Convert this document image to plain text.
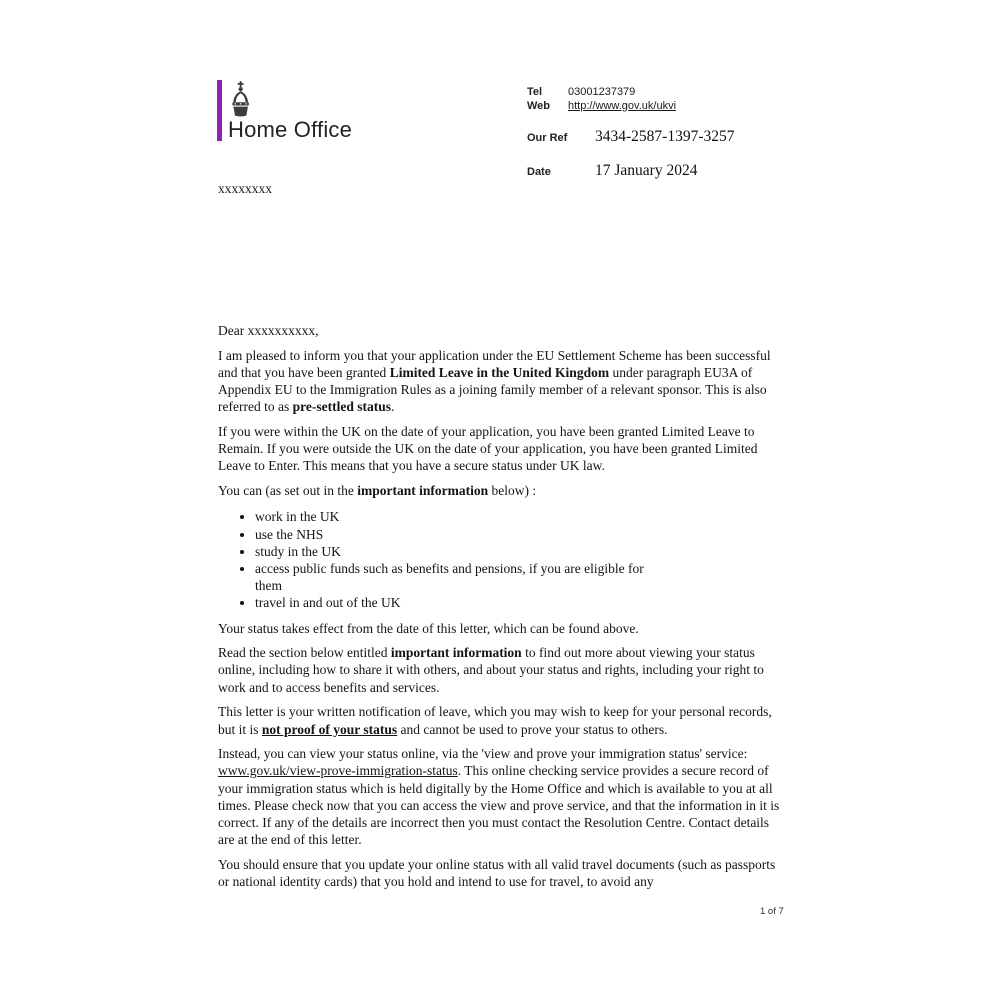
Home Office
Tel	03001237379
Web	http://www.gov.uk/ukvi
Our Ref	3434-2587-1397-3257
Date	17 January 2024
xxxxxxxx

Dear xxxxxxxxxx,

I am pleased to inform you that your application under the EU Settlement Scheme has been successful and that you have been granted Limited Leave in the United Kingdom under paragraph EU3A of Appendix EU to the Immigration Rules as a joining family member of a relevant sponsor. This is also referred to as pre-settled status.

If you were within the UK on the date of your application, you have been granted Limited Leave to Remain. If you were outside the UK on the date of your application, you have been granted Limited Leave to Enter. This means that you have a secure status under UK law.

You can (as set out in the important information below) :

• work in the UK
• use the NHS
• study in the UK
• access public funds such as benefits and pensions, if you are eligible for them
• travel in and out of the UK

Your status takes effect from the date of this letter, which can be found above.

Read the section below entitled important information to find out more about viewing your status online, including how to share it with others, and about your status and rights, including your right to work and to access benefits and services.

This letter is your written notification of leave, which you may wish to keep for your personal records, but it is not proof of your status and cannot be used to prove your status to others.

Instead, you can view your status online, via the 'view and prove your immigration status' service: www.gov.uk/view-prove-immigration-status. This online checking service provides a secure record of your immigration status which is held digitally by the Home Office and which is available to you at all times. Please check now that you can access the view and prove service, and that the information in it is correct. If any of the details are incorrect then you must contact the Resolution Centre. Contact details are at the end of this letter.

You should ensure that you update your online status with all valid travel documents (such as passports or national identity cards) that you hold and intend to use for travel, to avoid any

1 of 7
